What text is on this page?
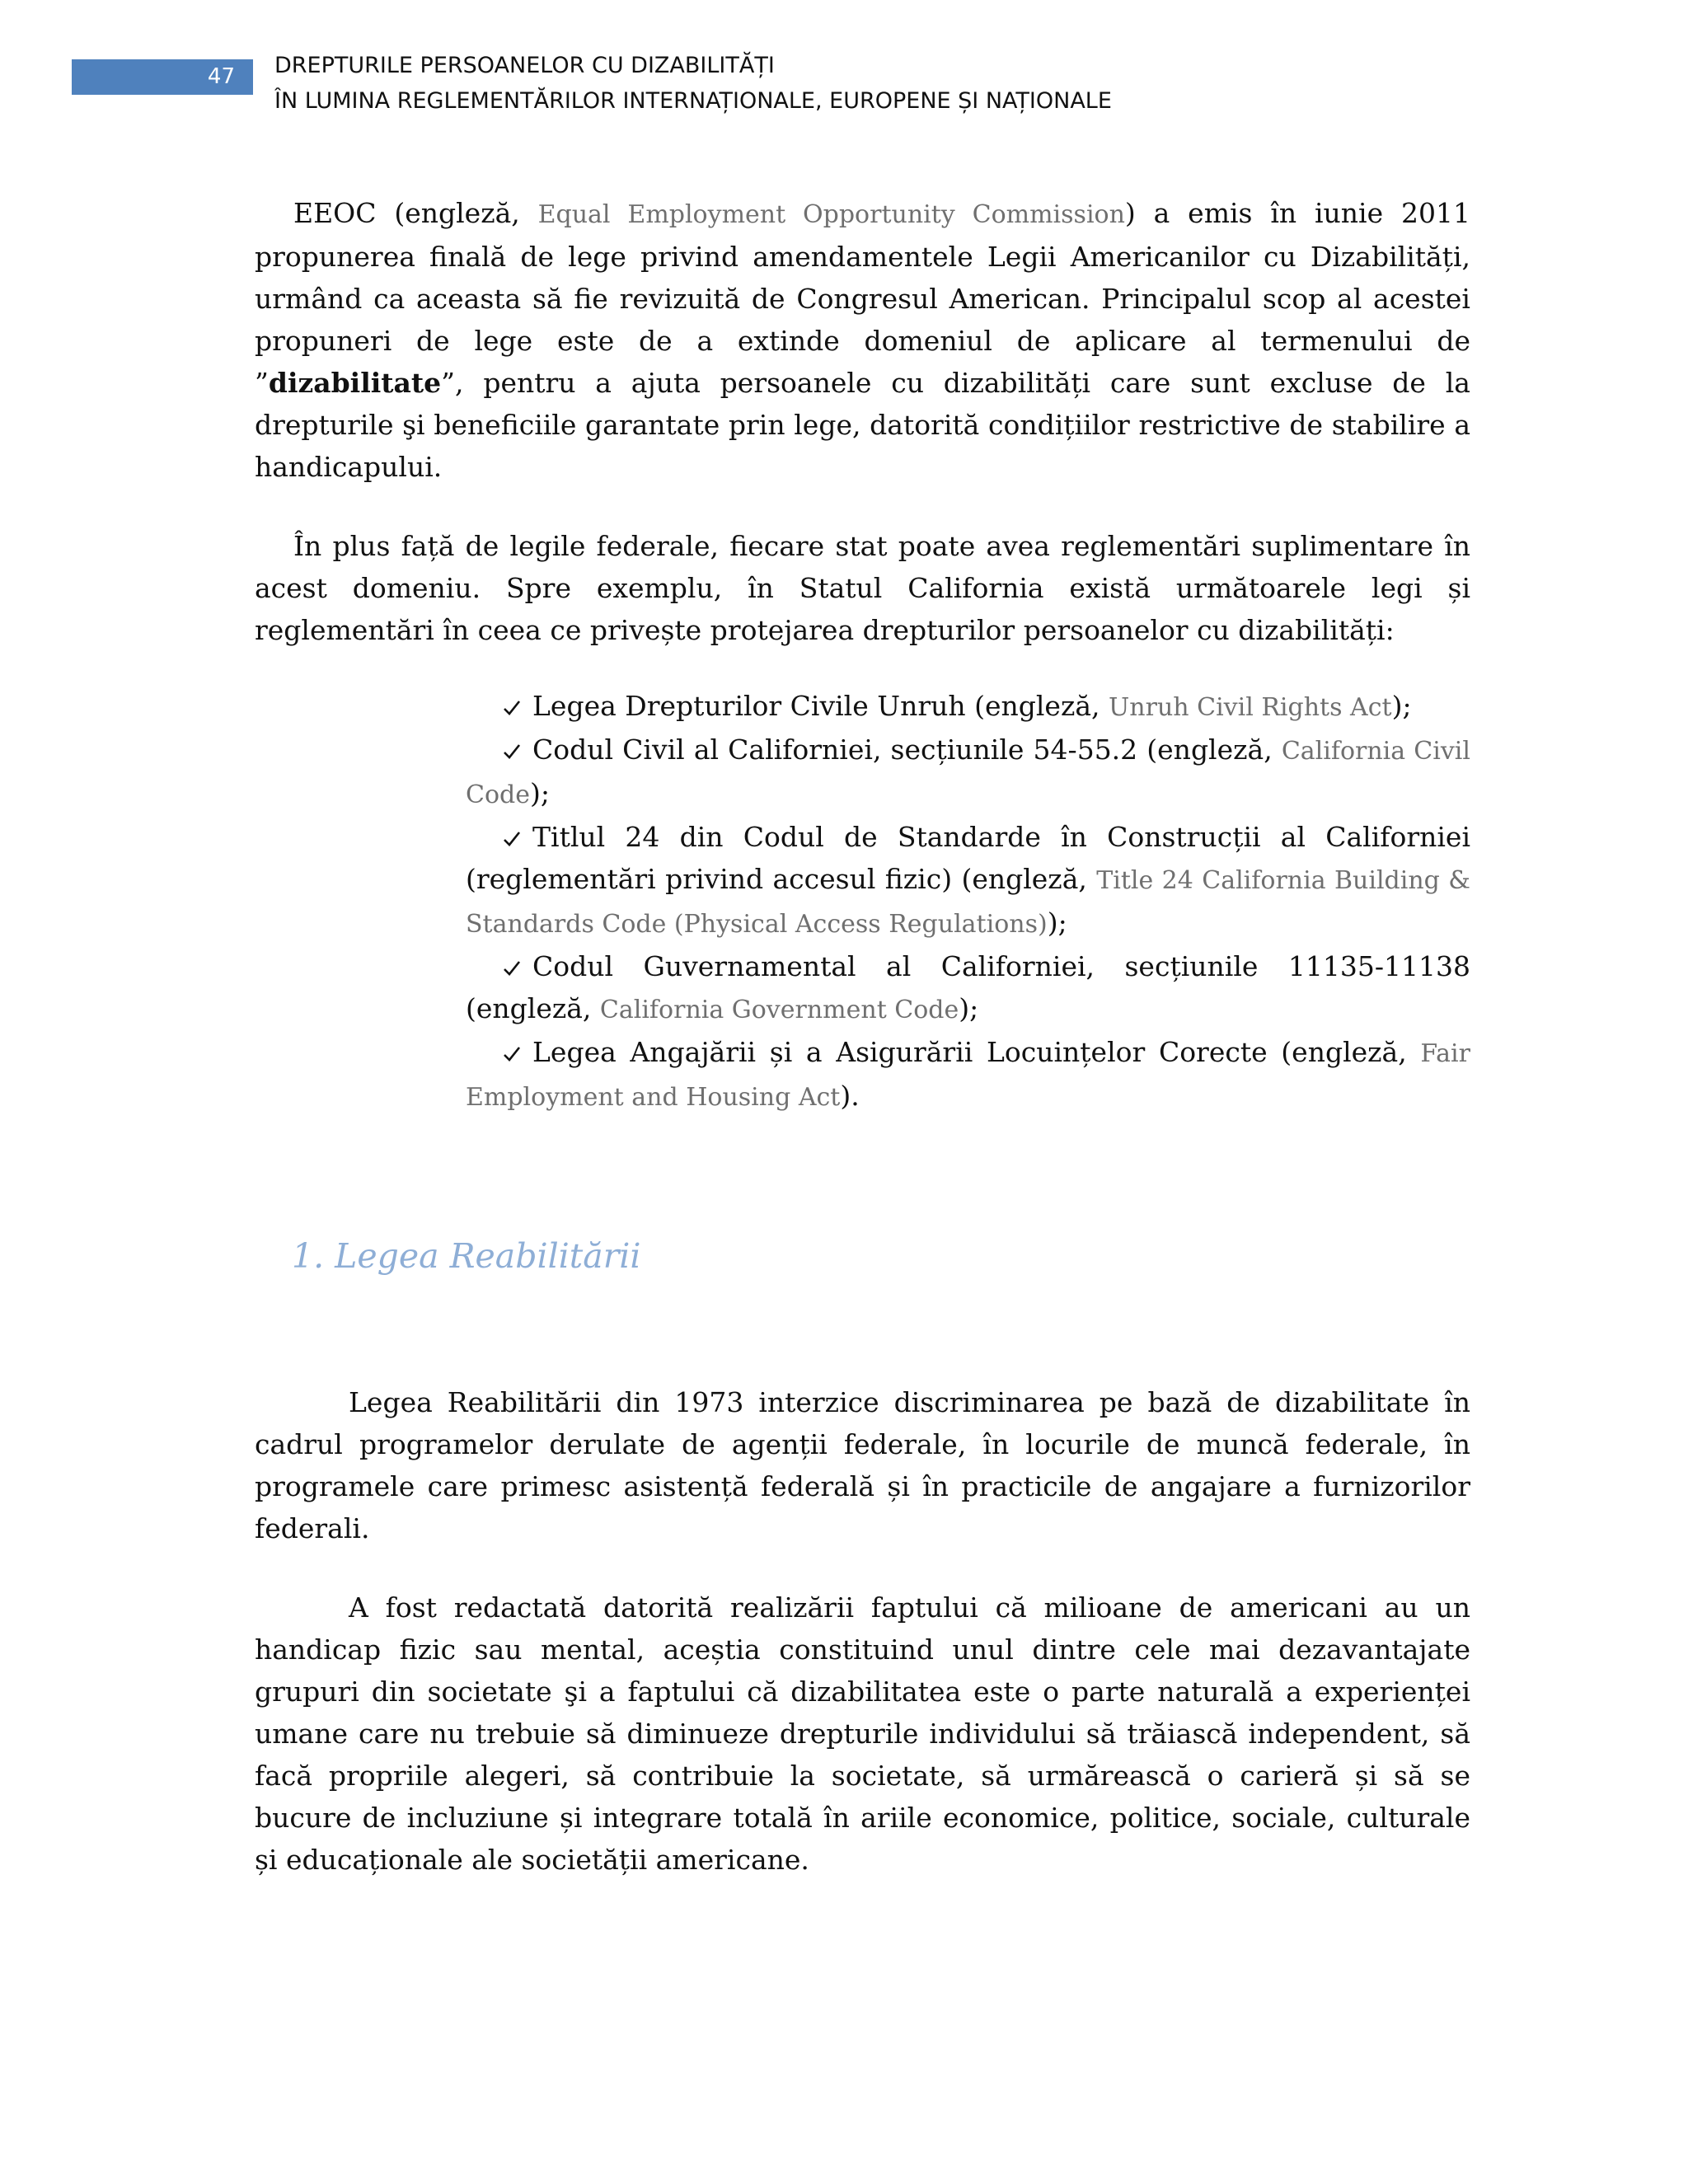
47	DREPTURILE PERSOANELOR CU DIZABILITĂȚI
ÎN LUMINA REGLEMENTĂRILOR INTERNAȚIONALE, EUROPENE ȘI NAȚIONALE

EEOC (engleză, Equal Employment Opportunity Commission) a emis în iunie 2011 propunerea finală de lege privind amendamentele Legii Americanilor cu Dizabilități, urmând ca aceasta să fie revizuită de Congresul American. Principalul scop al acestei propuneri de lege este de a extinde domeniul de aplicare al termenului de ”dizabilitate”, pentru a ajuta persoanele cu dizabilități care sunt excluse de la drepturile şi beneficiile garantate prin lege, datorită condițiilor restrictive de stabilire a handicapului.

În plus față de legile federale, fiecare stat poate avea reglementări suplimentare în acest domeniu. Spre exemplu, în Statul California există următoarele legi și reglementări în ceea ce privește protejarea drepturilor persoanelor cu dizabilități:

Legea Drepturilor Civile Unruh (engleză, Unruh Civil Rights Act);
Codul Civil al Californiei, secțiunile 54-55.2 (engleză, California Civil Code);
Titlul 24 din Codul de Standarde în Construcții al Californiei (reglementări privind accesul fizic) (engleză, Title 24 California Building & Standards Code (Physical Access Regulations));
Codul Guvernamental al Californiei, secțiunile 11135-11138 (engleză, California Government Code);
Legea Angajării și a Asigurării Locuințelor Corecte (engleză, Fair Employment and Housing Act).
1. Legea Reabilitării

Legea Reabilitării din 1973 interzice discriminarea pe bază de dizabilitate în cadrul programelor derulate de agenții federale, în locurile de muncă federale, în programele care primesc asistență federală și în practicile de angajare a furnizorilor federali.

A fost redactată datorită realizării faptului că milioane de americani au un handicap fizic sau mental, aceștia constituind unul dintre cele mai dezavantajate grupuri din societate şi a faptului că dizabilitatea este o parte naturală a experienței umane care nu trebuie să diminueze drepturile individului să trăiască independent, să facă propriile alegeri, să contribuie la societate, să urmărească o carieră și să se bucure de incluziune și integrare totală în ariile economice, politice, sociale, culturale și educaționale ale societății americane.
